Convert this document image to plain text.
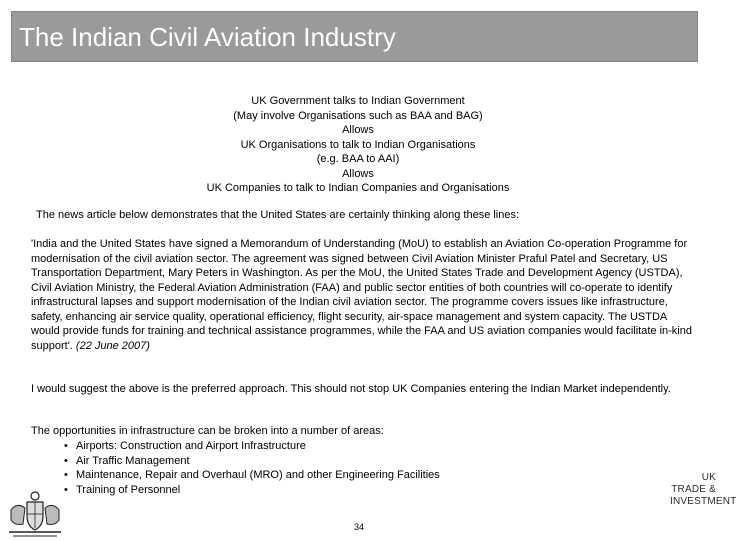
The Indian Civil Aviation Industry
UK Government talks to Indian Government
(May involve Organisations such as BAA and BAG)
Allows
UK Organisations to talk to Indian Organisations
(e.g. BAA to AAI)
Allows
UK Companies to talk to Indian Companies and Organisations
The news article below demonstrates that the United States are certainly thinking along these lines:
'India and the United States have signed a Memorandum of Understanding (MoU) to establish an Aviation Co-operation Programme for modernisation of the civil aviation sector. The agreement was signed between Civil Aviation Minister Praful Patel and Secretary, US Transportation Department, Mary Peters in Washington. As per the MoU, the United States Trade and Development Agency (USTDA), Civil Aviation Ministry, the Federal Aviation Administration (FAA) and public sector entities of both countries will co-operate to identify infrastructural lapses and support modernisation of the Indian civil aviation sector. The programme covers issues like infrastructure, safety, enhancing air service quality, operational efficiency, flight security, air-space management and system capacity. The USTDA would provide funds for training and technical assistance programmes, while the FAA and US aviation companies would facilitate in-kind support'. (22 June 2007)
I would suggest the above is the preferred approach. This should not stop UK Companies entering the Indian Market independently.
The opportunities in infrastructure can be broken into a number of areas:
• Airports: Construction and Airport Infrastructure
• Air Traffic Management
• Maintenance, Repair and Overhaul (MRO) and other Engineering Facilities
• Training of Personnel
34
UK
TRADE &
INVESTMENT
